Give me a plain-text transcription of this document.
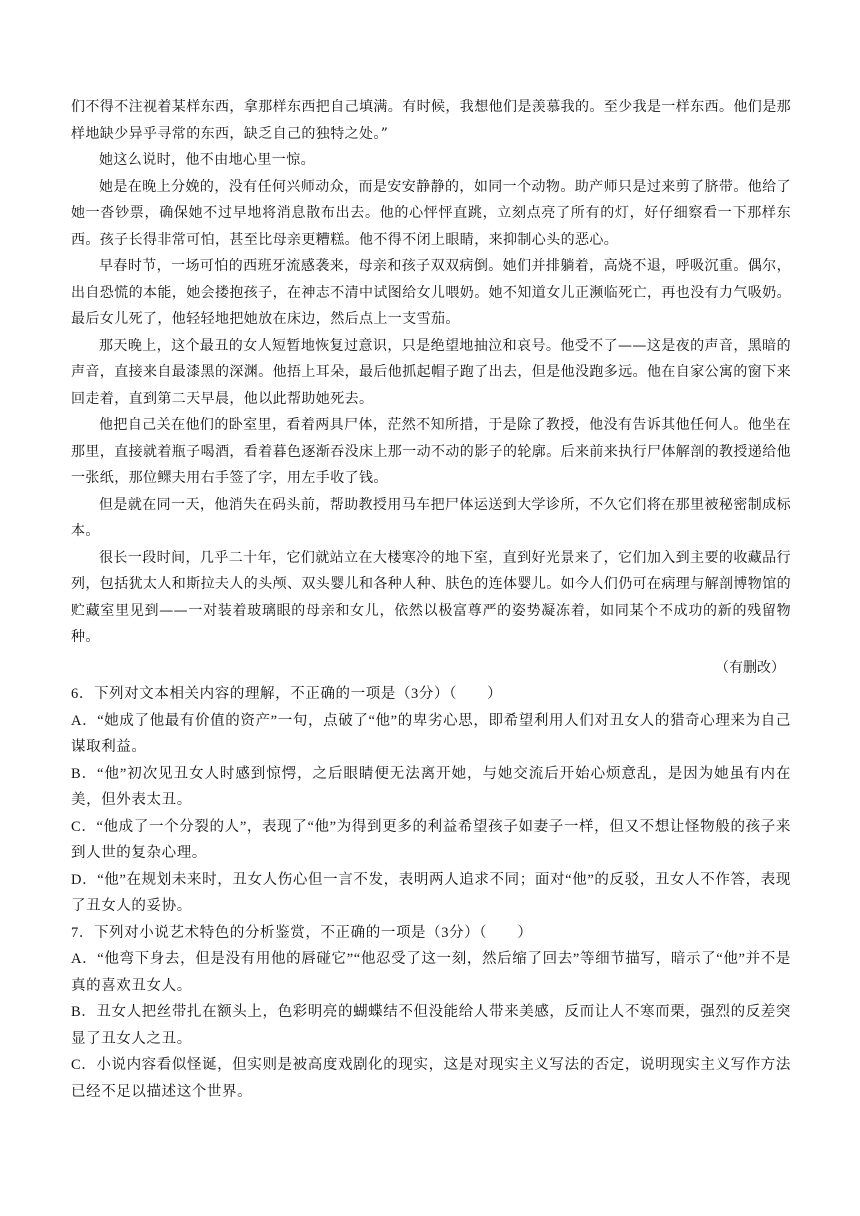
们不得不注视着某样东西，拿那样东西把自己填满。有时候，我想他们是羡慕我的。至少我是一样东西。他们是那样地缺少异乎寻常的东西，缺乏自己的独特之处。”

她这么说时，他不由地心里一惊。

她是在晚上分娩的，没有任何兴师动众，而是安安静静的，如同一个动物。助产师只是过来剪了脐带。他给了她一沓钞票，确保她不过早地将消息散布出去。他的心怦怦直跳，立刻点亮了所有的灯，好仔细察看一下那样东西。孩子长得非常可怕，甚至比母亲更糟糕。他不得不闭上眼睛，来抑制心头的恶心。

早春时节，一场可怕的西班牙流感袭来，母亲和孩子双双病倒。她们并排躺着，高烧不退，呼吸沉重。偶尔，出自恐慌的本能，她会搂抱孩子，在神志不清中试图给女儿喂奶。她不知道女儿正濒临死亡，再也没有力气吸奶。最后女儿死了，他轻轻地把她放在床边，然后点上一支雪茄。

那天晚上，这个最丑的女人短暂地恢复过意识，只是绝望地抽泣和哀号。他受不了——这是夜的声音，黑暗的声音，直接来自最漆黑的深渊。他捂上耳朵，最后他抓起帽子跑了出去，但是他没跑多远。他在自家公寓的窗下来回走着，直到第二天早晨，他以此帮助她死去。

他把自己关在他们的卧室里，看着两具尸体，茫然不知所措，于是除了教授，他没有告诉其他任何人。他坐在那里，直接就着瓶子喝酒，看着暮色逐渐吞没床上那一动不动的影子的轮廓。后来前来执行尸体解剖的教授递给他一张纸，那位鳏夫用右手签了字，用左手收了钱。

但是就在同一天，他消失在码头前，帮助教授用马车把尸体运送到大学诊所，不久它们将在那里被秘密制成标本。

很长一段时间，几乎二十年，它们就站立在大楼寒冷的地下室，直到好光景来了，它们加入到主要的收藏品行列，包括犹太人和斯拉夫人的头颅、双头婴儿和各种人种、肤色的连体婴儿。如今人们仍可在病理与解剖博物馆的贮藏室里见到——一对装着玻璃眼的母亲和女儿，依然以极富尊严的姿势凝冻着，如同某个不成功的新的残留物种。

（有删改）

6．下列对文本相关内容的理解，不正确的一项是（3分）（　　）

A．“她成了他最有价值的资产”一句，点破了“他”的卑劣心思，即希望利用人们对丑女人的猎奇心理来为自己谋取利益。

B．“他”初次见丑女人时感到惊愕，之后眼睛便无法离开她，与她交流后开始心烦意乱，是因为她虽有内在美，但外表太丑。

C．“他成了一个分裂的人”，表现了“他”为得到更多的利益希望孩子如妻子一样，但又不想让怪物般的孩子来到人世的复杂心理。

D．“他”在规划未来时，丑女人伤心但一言不发，表明两人追求不同；面对“他”的反驳，丑女人不作答，表现了丑女人的妥协。

7．下列对小说艺术特色的分析鉴赏，不正确的一项是（3分）（　　）

A．“他弯下身去，但是没有用他的唇碰它”“他忍受了这一刻，然后缩了回去”等细节描写，暗示了“他”并不是真的喜欢丑女人。

B．丑女人把丝带扎在额头上，色彩明亮的蝴蝶结不但没能给人带来美感，反而让人不寒而栗，强烈的反差突显了丑女人之丑。

C．小说内容看似怪诞，但实则是被高度戏剧化的现实，这是对现实主义写法的否定，说明现实主义写作方法已经不足以描述这个世界。
